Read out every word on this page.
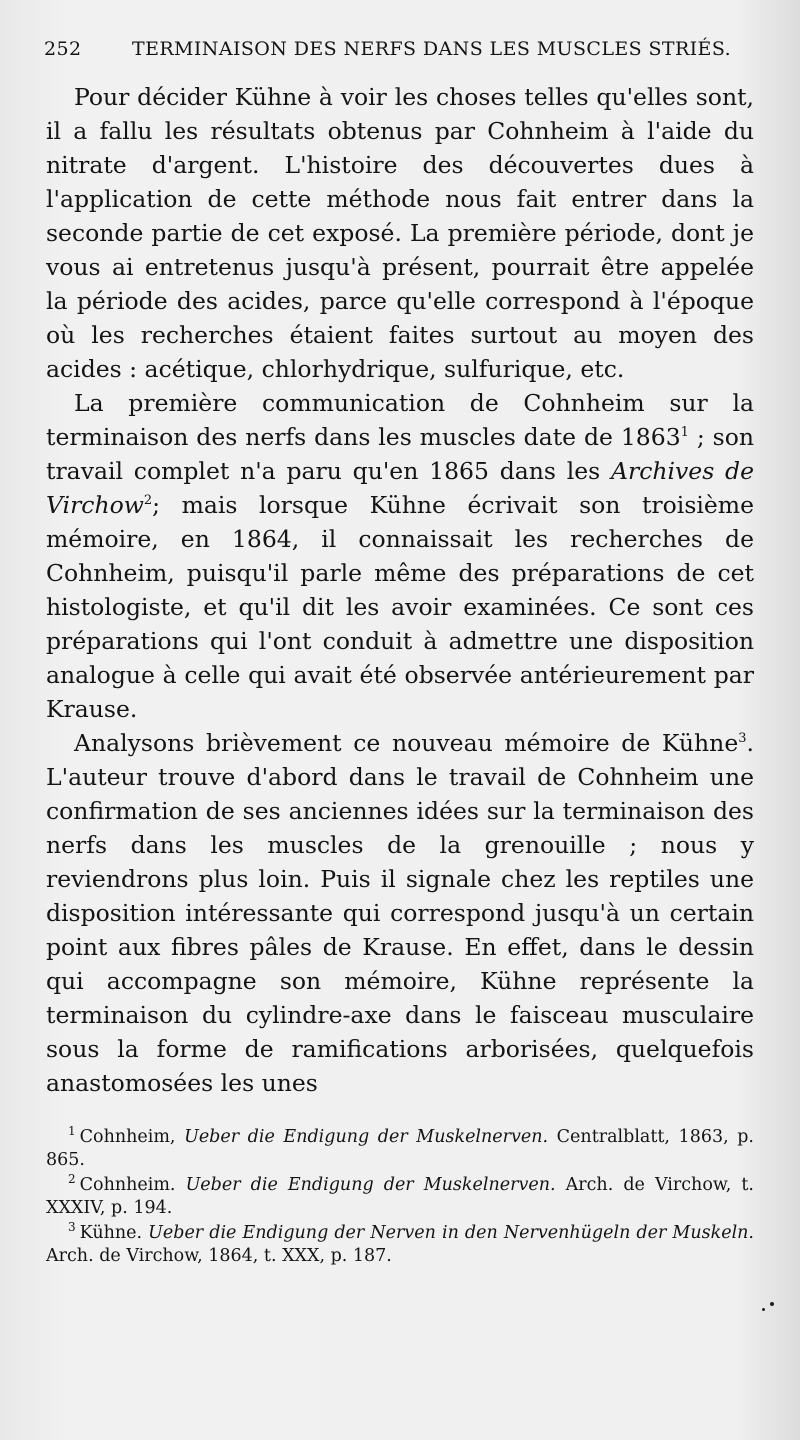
252	TERMINAISON DES NERFS DANS LES MUSCLES STRIÉS.

Pour décider Kühne à voir les choses telles qu'elles sont, il a fallu les résultats obtenus par Cohnheim à l'aide du nitrate d'argent. L'histoire des découvertes dues à l'application de cette méthode nous fait entrer dans la seconde partie de cet exposé. La première période, dont je vous ai entretenus jusqu'à présent, pourrait être appelée la période des acides, parce qu'elle correspond à l'époque où les recherches étaient faites surtout au moyen des acides : acétique, chlorhydrique, sulfurique, etc.

La première communication de Cohnheim sur la terminaison des nerfs dans les muscles date de 1863$^1$ ; son travail complet n'a paru qu'en 1865 dans les Archives de Virchow$^2$; mais lorsque Kühne écrivait son troisième mémoire, en 1864, il connaissait les recherches de Cohnheim, puisqu'il parle même des préparations de cet histologiste, et qu'il dit les avoir examinées. Ce sont ces préparations qui l'ont conduit à admettre une disposition analogue à celle qui avait été observée antérieurement par Krause.

Analysons brièvement ce nouveau mémoire de Kühne$^3$. L'auteur trouve d'abord dans le travail de Cohnheim une confirmation de ses anciennes idées sur la terminaison des nerfs dans les muscles de la grenouille ; nous y reviendrons plus loin. Puis il signale chez les reptiles une disposition intéressante qui correspond jusqu'à un certain point aux fibres pâles de Krause. En effet, dans le dessin qui accompagne son mémoire, Kühne représente la terminaison du cylindre-axe dans le faisceau musculaire sous la forme de ramifications arborisées, quelquefois anastomosées les unes

$^1$ Cohnheim, Ueber die Endigung der Muskelnerven. Centralblatt, 1863, p. 865.

$^2$ Cohnheim. Ueber die Endigung der Muskelnerven. Arch. de Virchow, t. XXXIV, p. 194.

$^3$ Kühne. Ueber die Endigung der Nerven in den Nervenhügeln der Muskeln. Arch. de Virchow, 1864, t. XXX, p. 187.
